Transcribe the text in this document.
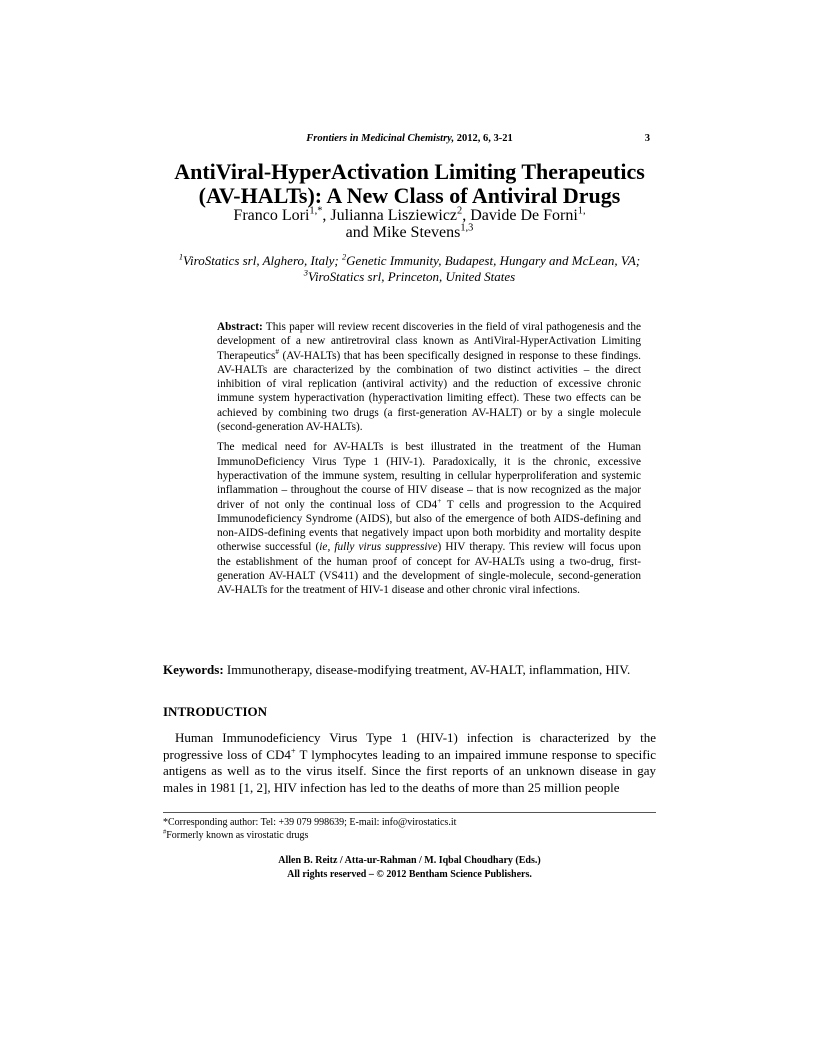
Frontiers in Medicinal Chemistry, 2012, 6, 3-21	3
AntiViral-HyperActivation Limiting Therapeutics
(AV-HALTs): A New Class of Antiviral Drugs
Franco Lori$^{1,*}$, Julianna Lisziewicz$^2$, Davide De Forni$^{1,}$
and Mike Stevens$^{1,3}$
$^1$ViroStatics srl, Alghero, Italy; $^2$Genetic Immunity, Budapest, Hungary and McLean, VA; $^3$ViroStatics srl, Princeton, United States

Abstract: This paper will review recent discoveries in the field of viral pathogenesis and the development of a new antiretroviral class known as AntiViral-HyperActivation Limiting Therapeutics# (AV-HALTs) that has been specifically designed in response to these findings. AV-HALTs are characterized by the combination of two distinct activities – the direct inhibition of viral replication (antiviral activity) and the reduction of excessive chronic immune system hyperactivation (hyperactivation limiting effect). These two effects can be achieved by combining two drugs (a first-generation AV-HALT) or by a single molecule (second-generation AV-HALTs).

The medical need for AV-HALTs is best illustrated in the treatment of the Human ImmunoDeficiency Virus Type 1 (HIV-1). Paradoxically, it is the chronic, excessive hyperactivation of the immune system, resulting in cellular hyperproliferation and systemic inflammation – throughout the course of HIV disease – that is now recognized as the major driver of not only the continual loss of CD4+ T cells and progression to the Acquired Immunodeficiency Syndrome (AIDS), but also of the emergence of both AIDS-defining and non-AIDS-defining events that negatively impact upon both morbidity and mortality despite otherwise successful (ie, fully virus suppressive) HIV therapy. This review will focus upon the establishment of the human proof of concept for AV-HALTs using a two-drug, first-generation AV-HALT (VS411) and the development of single-molecule, second-generation AV-HALTs for the treatment of HIV-1 disease and other chronic viral infections.

Keywords: Immunotherapy, disease-modifying treatment, AV-HALT, inflammation, HIV.
INTRODUCTION
Human Immunodeficiency Virus Type 1 (HIV-1) infection is characterized by the progressive loss of CD4+ T lymphocytes leading to an impaired immune response to specific antigens as well as to the virus itself. Since the first reports of an unknown disease in gay males in 1981 [1, 2], HIV infection has led to the deaths of more than 25 million people
*Corresponding author: Tel: +39 079 998639; E-mail: info@virostatics.it
#Formerly known as virostatic drugs
Allen B. Reitz / Atta-ur-Rahman / M. Iqbal Choudhary (Eds.)
All rights reserved – © 2012 Bentham Science Publishers.
